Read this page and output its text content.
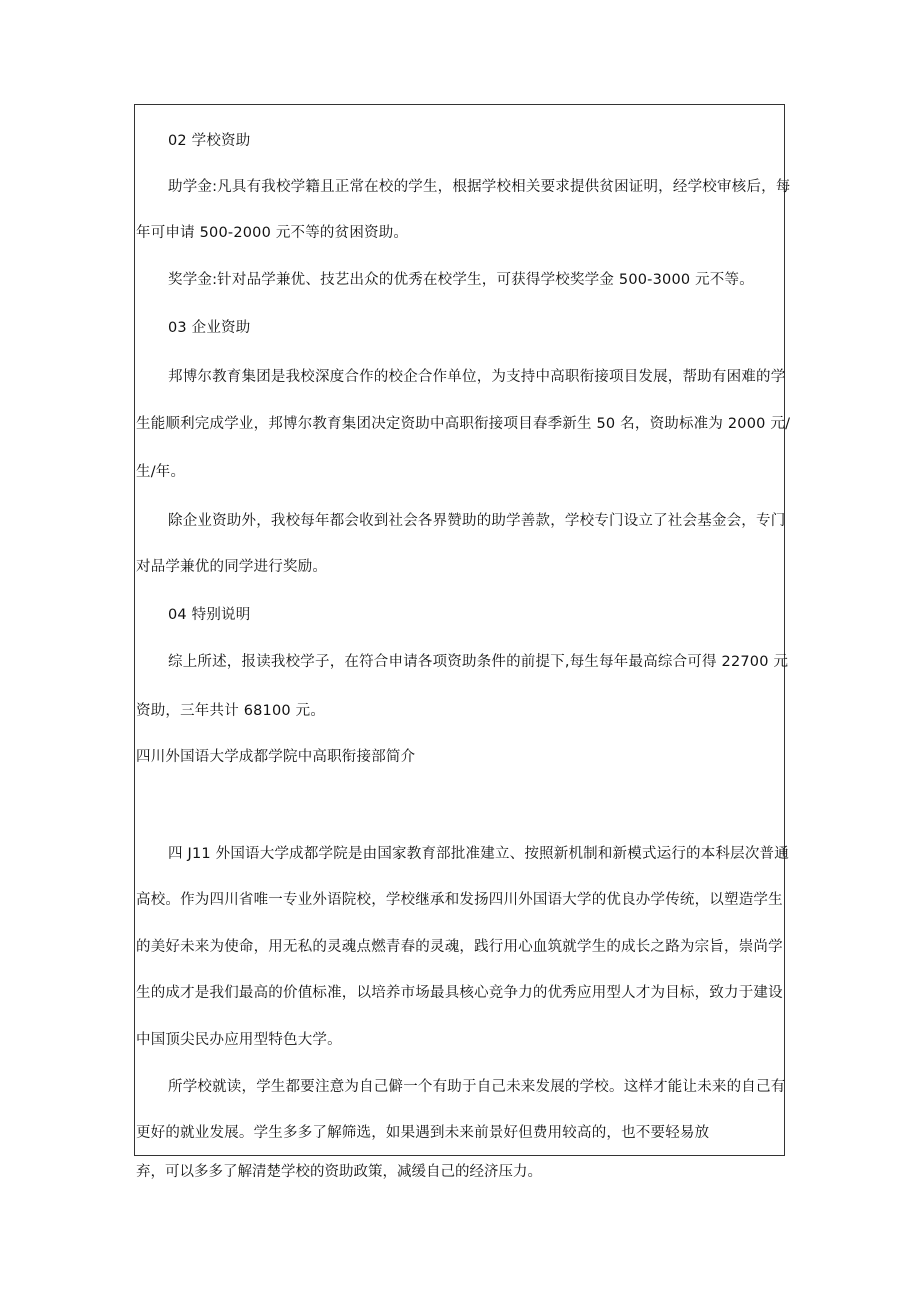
02 学校资助
助学金:凡具有我校学籍且正常在校的学生，根据学校相关要求提供贫困证明，经学校审核后，每
年可申请 500-2000 元不等的贫困资助。
奖学金:针对品学兼优、技艺出众的优秀在校学生，可获得学校奖学金 500-3000 元不等。
03 企业资助
邦博尔教育集团是我校深度合作的校企合作单位，为支持中高职衔接项目发展，帮助有困难的学
生能顺利完成学业，邦博尔教育集团决定资助中高职衔接项目春季新生 50 名，资助标准为 2000 元/
生/年。
除企业资助外，我校每年都会收到社会各界赞助的助学善款，学校专门设立了社会基金会，专门
对品学兼优的同学进行奖励。
04 特别说明
综上所述，报读我校学子，在符合申请各项资助条件的前提下,每生每年最高综合可得 22700 元
资助，三年共计 68100 元。
四川外国语大学成都学院中高职衔接部简介
四 J11 外国语大学成都学院是由国家教育部批准建立、按照新机制和新模式运行的本科层次普通
高校。作为四川省唯一专业外语院校，学校继承和发扬四川外国语大学的优良办学传统，以塑造学生
的美好未来为使命，用无私的灵魂点燃青春的灵魂，践行用心血筑就学生的成长之路为宗旨，崇尚学
生的成才是我们最高的价值标准，以培养市场最具核心竞争力的优秀应用型人才为目标，致力于建设
中国顶尖民办应用型特色大学。
所学校就读，学生都要注意为自己僻一个有助于自己未来发展的学校。这样才能让未来的自己有
更好的就业发展。学生多多了解筛选，如果遇到未来前景好但费用较高的，也不要轻易放
弃，可以多多了解清楚学校的资助政策，减缓自己的经济压力。
